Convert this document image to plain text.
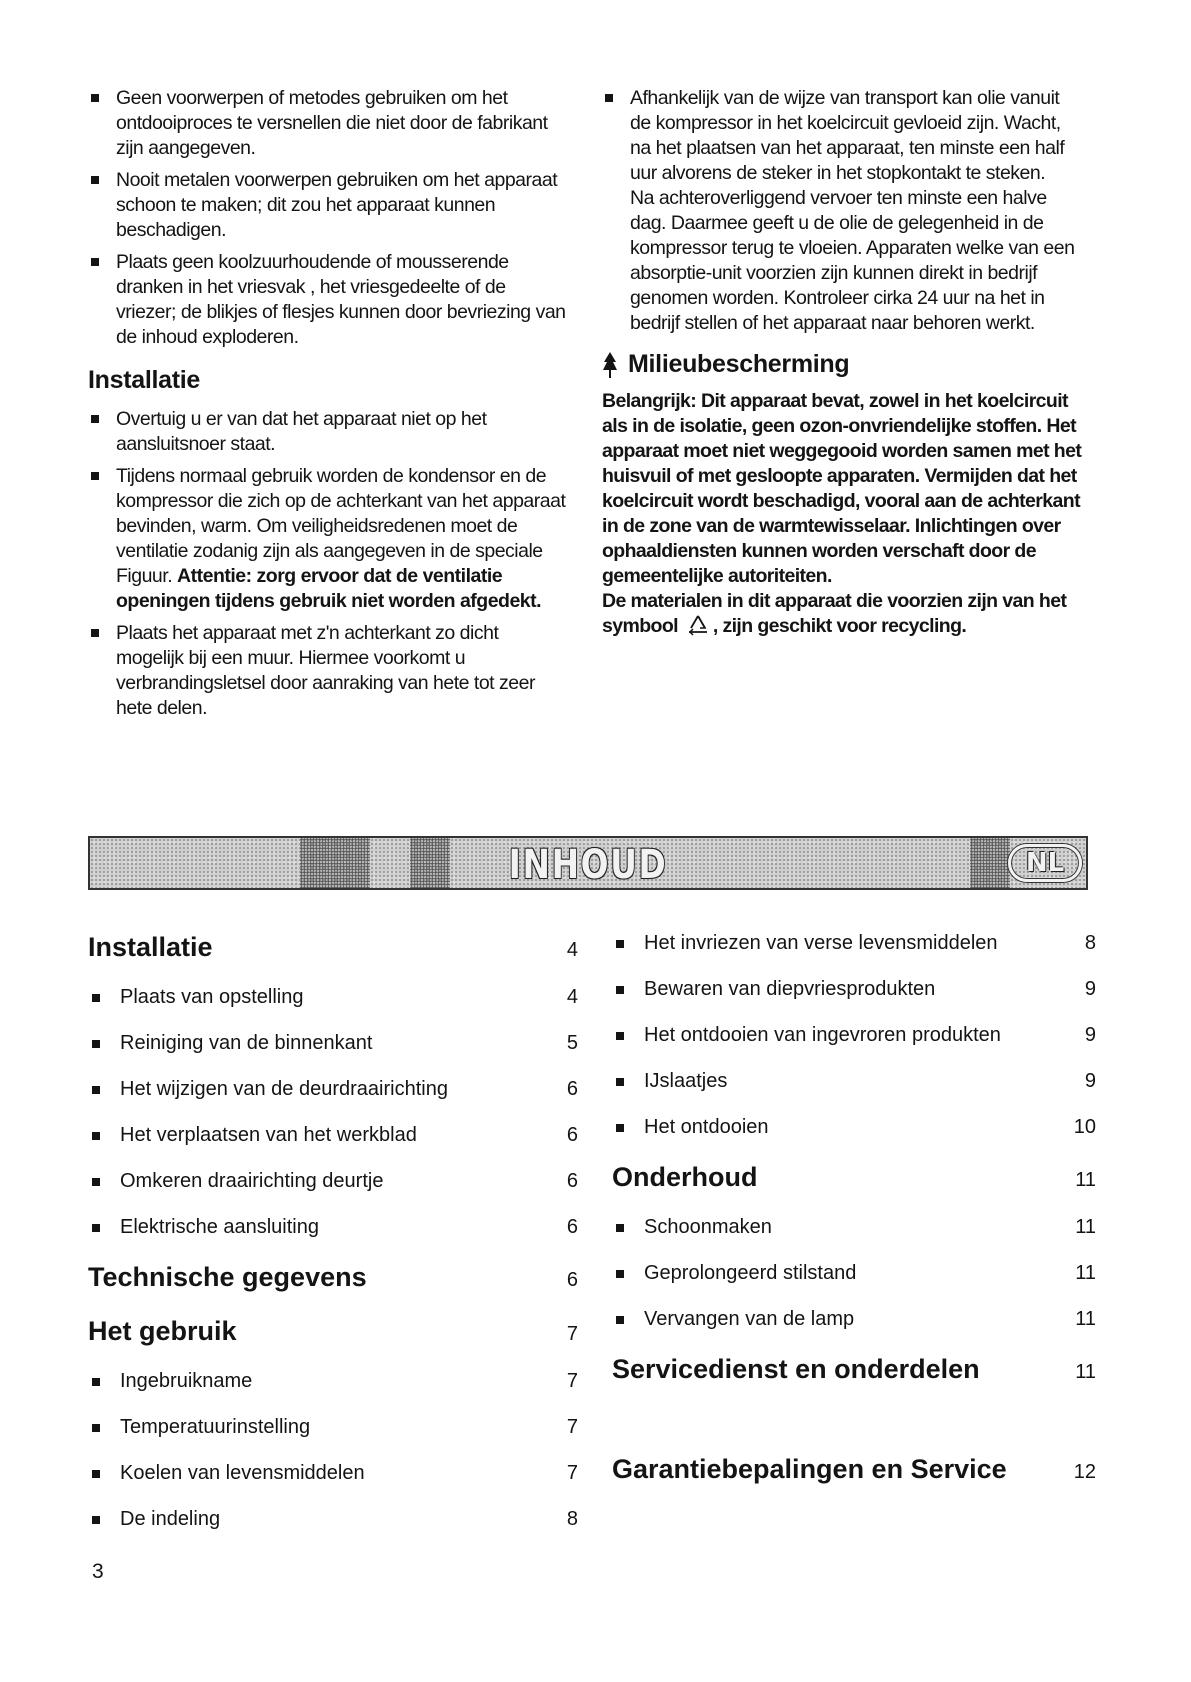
Geen voorwerpen of metodes gebruiken om het ontdooiproces te versnellen die niet door de fabrikant zijn aangegeven.
Nooit metalen voorwerpen gebruiken om het apparaat schoon te maken; dit zou het apparaat kunnen beschadigen.
Plaats geen koolzuurhoudende of mousserende dranken in het vriesvak , het vriesgedeelte of de vriezer; de blikjes of flesjes kunnen door bevriezing van de inhoud exploderen.
Installatie
Overtuig u er van dat het apparaat niet op het aansluitsnoer staat.
Tijdens normaal gebruik worden de kondensor en de kompressor die zich op de achterkant van het apparaat bevinden, warm. Om veiligheidsredenen moet de ventilatie zodanig zijn als aangegeven in de speciale Figuur. Attentie: zorg ervoor dat de ventilatie openingen tijdens gebruik niet worden afgedekt.
Plaats het apparaat met z'n achterkant zo dicht mogelijk bij een muur. Hiermee voorkomt u verbrandingsletsel door aanraking van hete tot zeer hete delen.
Afhankelijk van de wijze van transport kan olie vanuit de kompressor in het koelcircuit gevloeid zijn. Wacht, na het plaatsen van het apparaat, ten minste een half uur alvorens de steker in het stopkontakt te steken.
Na achteroverliggend vervoer ten minste een halve dag. Daarmee geeft u de olie de gelegenheid in de kompressor terug te vloeien. Apparaten welke van een absorptie-unit voorzien zijn kunnen direkt in bedrijf genomen worden. Kontroleer cirka 24 uur na het in bedrijf stellen of het apparaat naar behoren werkt.
Milieubescherming

Belangrijk: Dit apparaat bevat, zowel in het koelcircuit als in de isolatie, geen ozon-onvriendelijke stoffen. Het apparaat moet niet weggegooid worden samen met het huisvuil of met gesloopte apparaten. Vermijden dat het koelcircuit wordt beschadigd, vooral aan de achterkant in de zone van de warmtewisselaar. Inlichtingen over ophaaldiensten kunnen worden verschaft door de gemeentelijke autoriteiten.

De materialen in dit apparaat die voorzien zijn van het symbool , zijn geschikt voor recycling.

INHOUD	NL
Installatie	4
Plaats van opstelling	4
Reiniging van de binnenkant	5
Het wijzigen van de deurdraairichting	6
Het verplaatsen van het werkblad	6
Omkeren draairichting deurtje	6
Elektrische aansluiting	6
Technische gegevens	6
Het gebruik	7
Ingebruikname	7
Temperatuurinstelling	7
Koelen van levensmiddelen	7
De indeling	8
Het invriezen van verse levensmiddelen	8
Bewaren van diepvriesprodukten	9
Het ontdooien van ingevroren produkten	9
IJslaatjes	9
Het ontdooien	10
Onderhoud	11
Schoonmaken	11
Geprolongeerd stilstand	11
Vervangen van de lamp	11
Servicedienst en onderdelen	11
Garantiebepalingen en Service	12
3
